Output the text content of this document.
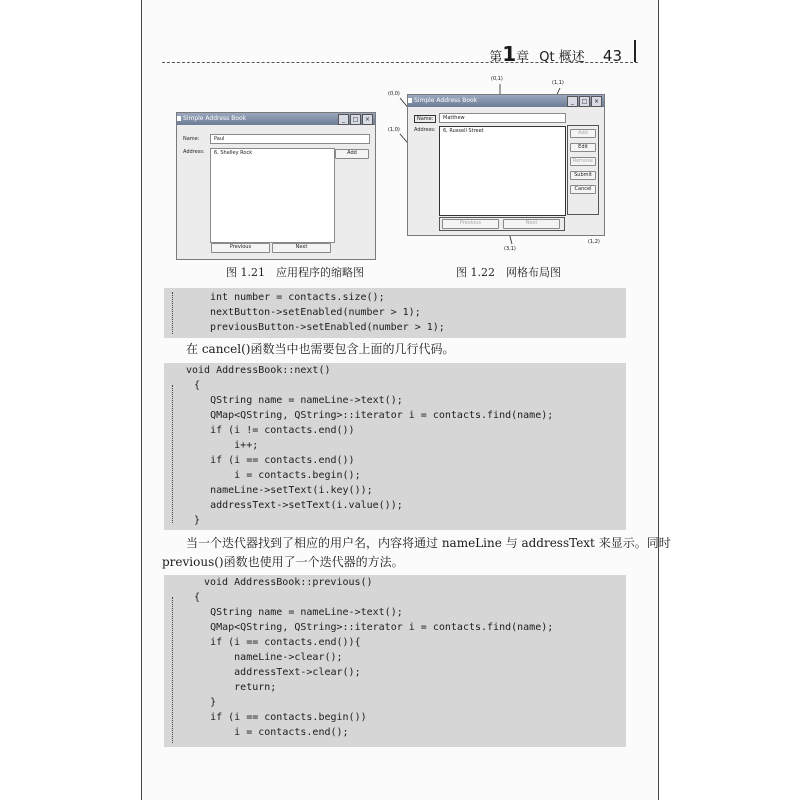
第1章 Qt 概述 43
Simple Address Book	_	□	×
Name:	Paul
Address:	6, Shelley Rock	Add
Previous	Next
图 1.21　应用程序的缩略图
(0,0)
(0,1)
(1,1)
(1,0)
(3,1)
(1,2)
Simple Address Book	_	□	×
Name:	Matthew
Address:	6, Russell Street	Add
Edit
Remove
Submit
Cancel
Previous	Next
图 1.22　网格布局图
int number = contacts.size();
nextButton->setEnabled(number > 1);
previousButton->setEnabled(number > 1);
在 cancel()函数当中也需要包含上面的几行代码。
void AddressBook::next()
{
QString name = nameLine->text();
QMap<QString, QString>::iterator i = contacts.find(name);
if (i != contacts.end())
i++;
if (i == contacts.end())
i = contacts.begin();
nameLine->setText(i.key());
addressText->setText(i.value());
}
当一个迭代器找到了相应的用户名，内容将通过 nameLine 与 addressText 来显示。同时
previous()函数也使用了一个迭代器的方法。
void AddressBook::previous()
{
QString name = nameLine->text();
QMap<QString, QString>::iterator i = contacts.find(name);
if (i == contacts.end()){
nameLine->clear();
addressText->clear();
return;
}
if (i == contacts.begin())
i = contacts.end();
